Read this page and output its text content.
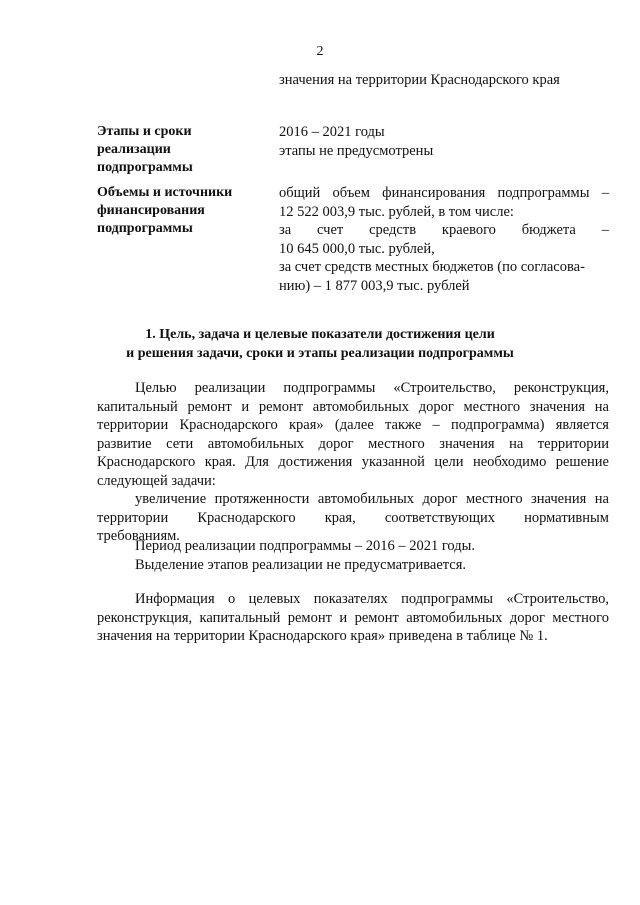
2
значения на территории Краснодарского края
Этапы и сроки
реализации
подпрограммы
2016 – 2021 годы
этапы не предусмотрены
Объемы и источники
финансирования
подпрограммы
общий объем финансирования подпрограммы –
12 522 003,9 тыс. рублей, в том числе:
за счет средств краевого бюджета –
10 645 000,0 тыс. рублей,
за счет средств местных бюджетов (по согласова-
нию) – 1 877 003,9 тыс. рублей
1. Цель, задача и целевые показатели достижения цели
и решения задачи, сроки и этапы реализации подпрограммы
Целью реализации подпрограммы «Строительство, реконструкция,
капитальный ремонт и ремонт автомобильных дорог местного значения на
территории Краснодарского края» (далее также – подпрограмма) является
развитие сети автомобильных дорог местного значения на территории
Краснодарского края. Для достижения указанной цели необходимо решение
следующей задачи:
увеличение протяженности автомобильных дорог местного значения на
территории Краснодарского края, соответствующих нормативным
требованиям.
Период реализации подпрограммы – 2016 – 2021 годы.
Выделение этапов реализации не предусматривается.
Информация о целевых показателях подпрограммы «Строительство,
реконструкция, капитальный ремонт и ремонт автомобильных дорог местного
значения на территории Краснодарского края» приведена в таблице № 1.
